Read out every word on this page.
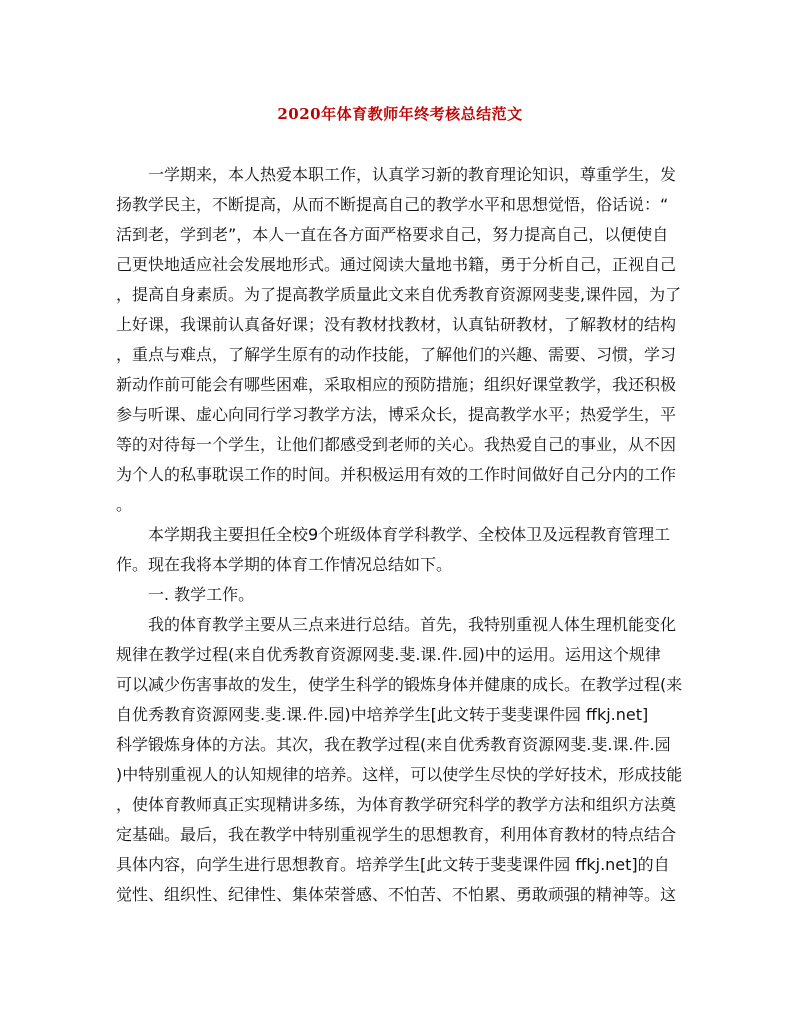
2020年体育教师年终考核总结范文
一学期来，本人热爱本职工作，认真学习新的教育理论知识，尊重学生，发
扬教学民主，不断提高，从而不断提高自己的教学水平和思想觉悟，俗话说：“
活到老，学到老”，本人一直在各方面严格要求自己，努力提高自己，以便使自
己更快地适应社会发展地形式。通过阅读大量地书籍，勇于分析自己，正视自己
，提高自身素质。为了提高教学质量此文来自优秀教育资源网斐斐,课件园，为了
上好课，我课前认真备好课；没有教材找教材，认真钻研教材，了解教材的结构
，重点与难点，了解学生原有的动作技能，了解他们的兴趣、需要、习惯，学习
新动作前可能会有哪些困难，采取相应的预防措施；组织好课堂教学，我还积极
参与听课、虚心向同行学习教学方法，博采众长，提高教学水平；热爱学生，平
等的对待每一个学生，让他们都感受到老师的关心。我热爱自己的事业，从不因
为个人的私事耽误工作的时间。并积极运用有效的工作时间做好自己分内的工作
。
本学期我主要担任全校9个班级体育学科教学、全校体卫及远程教育管理工
作。现在我将本学期的体育工作情况总结如下。
一. 教学工作。
我的体育教学主要从三点来进行总结。首先，我特别重视人体生理机能变化
规律在教学过程(来自优秀教育资源网斐.斐.课.件.园)中的运用。运用这个规律
可以减少伤害事故的发生，使学生科学的锻炼身体并健康的成长。在教学过程(来
自优秀教育资源网斐.斐.课.件.园)中培养学生[此文转于斐斐课件园 ffkj.net]
科学锻炼身体的方法。其次，我在教学过程(来自优秀教育资源网斐.斐.课.件.园
)中特别重视人的认知规律的培养。这样，可以使学生尽快的学好技术，形成技能
，使体育教师真正实现精讲多练，为体育教学研究科学的教学方法和组织方法奠
定基础。最后，我在教学中特别重视学生的思想教育，利用体育教材的特点结合
具体内容，向学生进行思想教育。培养学生[此文转于斐斐课件园 ffkj.net]的自
觉性、组织性、纪律性、集体荣誉感、不怕苦、不怕累、勇敢顽强的精神等。这
